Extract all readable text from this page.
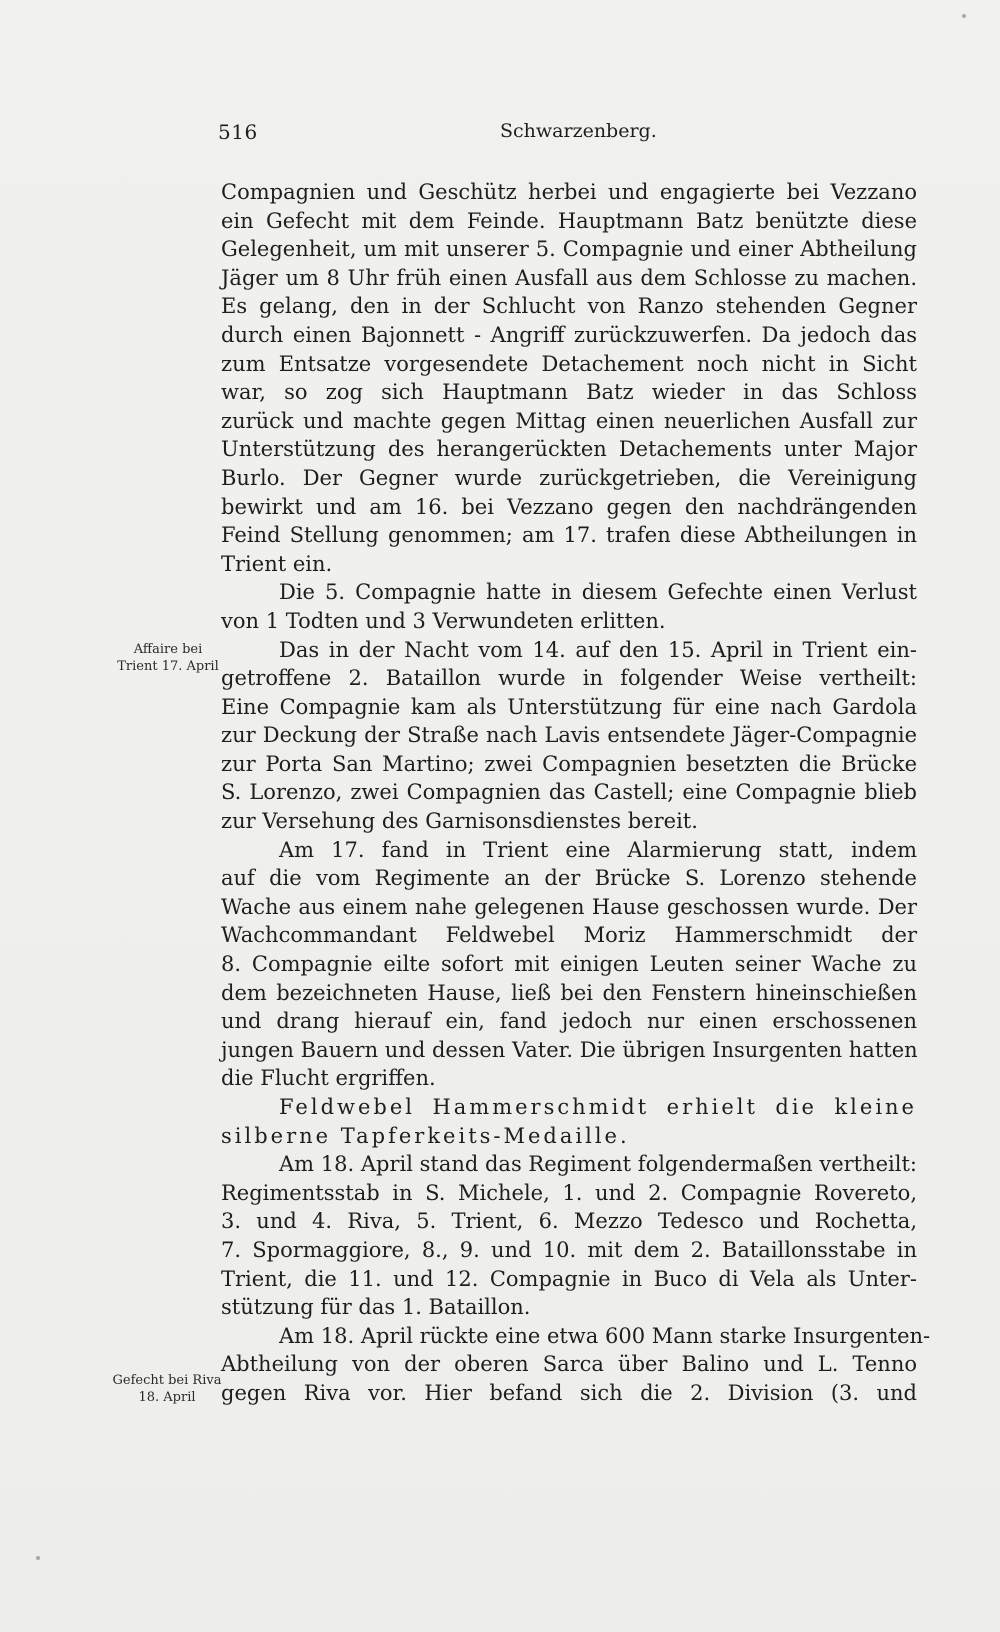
516	Schwarzenberg.
Affaire bei
Trient 17. April
Gefecht bei Riva
18. April
Compagnien und Geschütz herbei und engagierte bei Vezzano
ein Gefecht mit dem Feinde. Hauptmann Batz benützte diese
Gelegenheit, um mit unserer 5. Compagnie und einer Abtheilung
Jäger um 8 Uhr früh einen Ausfall aus dem Schlosse zu machen.
Es gelang, den in der Schlucht von Ranzo stehenden Gegner
durch einen Bajonnett - Angriff zurückzuwerfen. Da jedoch das
zum Entsatze vorgesendete Detachement noch nicht in Sicht
war, so zog sich Hauptmann Batz wieder in das Schloss
zurück und machte gegen Mittag einen neuerlichen Ausfall zur
Unterstützung des herangerückten Detachements unter Major
Burlo. Der Gegner wurde zurückgetrieben, die Vereinigung
bewirkt und am 16. bei Vezzano gegen den nachdrängenden
Feind Stellung genommen; am 17. trafen diese Abtheilungen in
Trient ein.
Die 5. Compagnie hatte in diesem Gefechte einen Verlust
von 1 Todten und 3 Verwundeten erlitten.
Das in der Nacht vom 14. auf den 15. April in Trient ein-
getroffene 2. Bataillon wurde in folgender Weise vertheilt:
Eine Compagnie kam als Unterstützung für eine nach Gardola
zur Deckung der Straße nach Lavis entsendete Jäger-Compagnie
zur Porta San Martino; zwei Compagnien besetzten die Brücke
S. Lorenzo, zwei Compagnien das Castell; eine Compagnie blieb
zur Versehung des Garnisonsdienstes bereit.
Am 17. fand in Trient eine Alarmierung statt, indem
auf die vom Regimente an der Brücke S. Lorenzo stehende
Wache aus einem nahe gelegenen Hause geschossen wurde. Der
Wachcommandant Feldwebel Moriz Hammerschmidt der
8. Compagnie eilte sofort mit einigen Leuten seiner Wache zu
dem bezeichneten Hause, ließ bei den Fenstern hineinschießen
und drang hierauf ein, fand jedoch nur einen erschossenen
jungen Bauern und dessen Vater. Die übrigen Insurgenten hatten
die Flucht ergriffen.
Feldwebel Hammerschmidt erhielt die kleine
silberne Tapferkeits-Medaille.
Am 18. April stand das Regiment folgendermaßen vertheilt:
Regimentsstab in S. Michele, 1. und 2. Compagnie Rovereto,
3. und 4. Riva, 5. Trient, 6. Mezzo Tedesco und Rochetta,
7. Spormaggiore, 8., 9. und 10. mit dem 2. Bataillonsstabe in
Trient, die 11. und 12. Compagnie in Buco di Vela als Unter-
stützung für das 1. Bataillon.
Am 18. April rückte eine etwa 600 Mann starke Insurgenten-
Abtheilung von der oberen Sarca über Balino und L. Tenno
gegen Riva vor. Hier befand sich die 2. Division (3. und
